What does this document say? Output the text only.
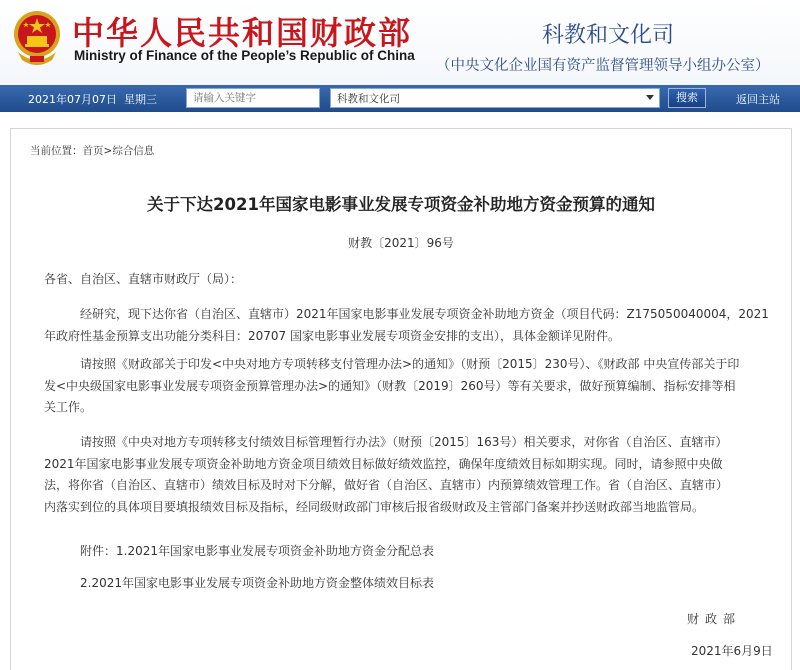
中华人民共和国财政部
Ministry of Finance of the People’s Republic of China
科教和文化司
（中央文化企业国有资产监督管理领导小组办公室）
2021年07月07日 星期三
请输入关键字	科教和文化司	搜索	返回主站
当前位置：首页>综合信息
关于下达2021年国家电影事业发展专项资金补助地方资金预算的通知
财教〔2021〕96号
各省、自治区、直辖市财政厅（局）：
经研究，现下达你省（自治区、直辖市）2021年国家电影事业发展专项资金补助地方资金（项目代码：Z175050040004，2021
年政府性基金预算支出功能分类科目：20707 国家电影事业发展专项资金安排的支出），具体金额详见附件。
请按照《财政部关于印发<中央对地方专项转移支付管理办法>的通知》（财预〔2015〕230号）、《财政部 中央宣传部关于印
发<中央级国家电影事业发展专项资金预算管理办法>的通知》（财教〔2019〕260号）等有关要求，做好预算编制、指标安排等相
关工作。
请按照《中央对地方专项转移支付绩效目标管理暂行办法》（财预〔2015〕163号）相关要求，对你省（自治区、直辖市）
2021年国家电影事业发展专项资金补助地方资金项目绩效目标做好绩效监控，确保年度绩效目标如期实现。同时，请参照中央做
法，将你省（自治区、直辖市）绩效目标及时对下分解，做好省（自治区、直辖市）内预算绩效管理工作。省（自治区、直辖市）
内落实到位的具体项目要填报绩效目标及指标，经同级财政部门审核后报省级财政及主管部门备案并抄送财政部当地监管局。
附件：1.2021年国家电影事业发展专项资金补助地方资金分配总表
2.2021年国家电影事业发展专项资金补助地方资金整体绩效目标表
财政部
2021年6月9日
